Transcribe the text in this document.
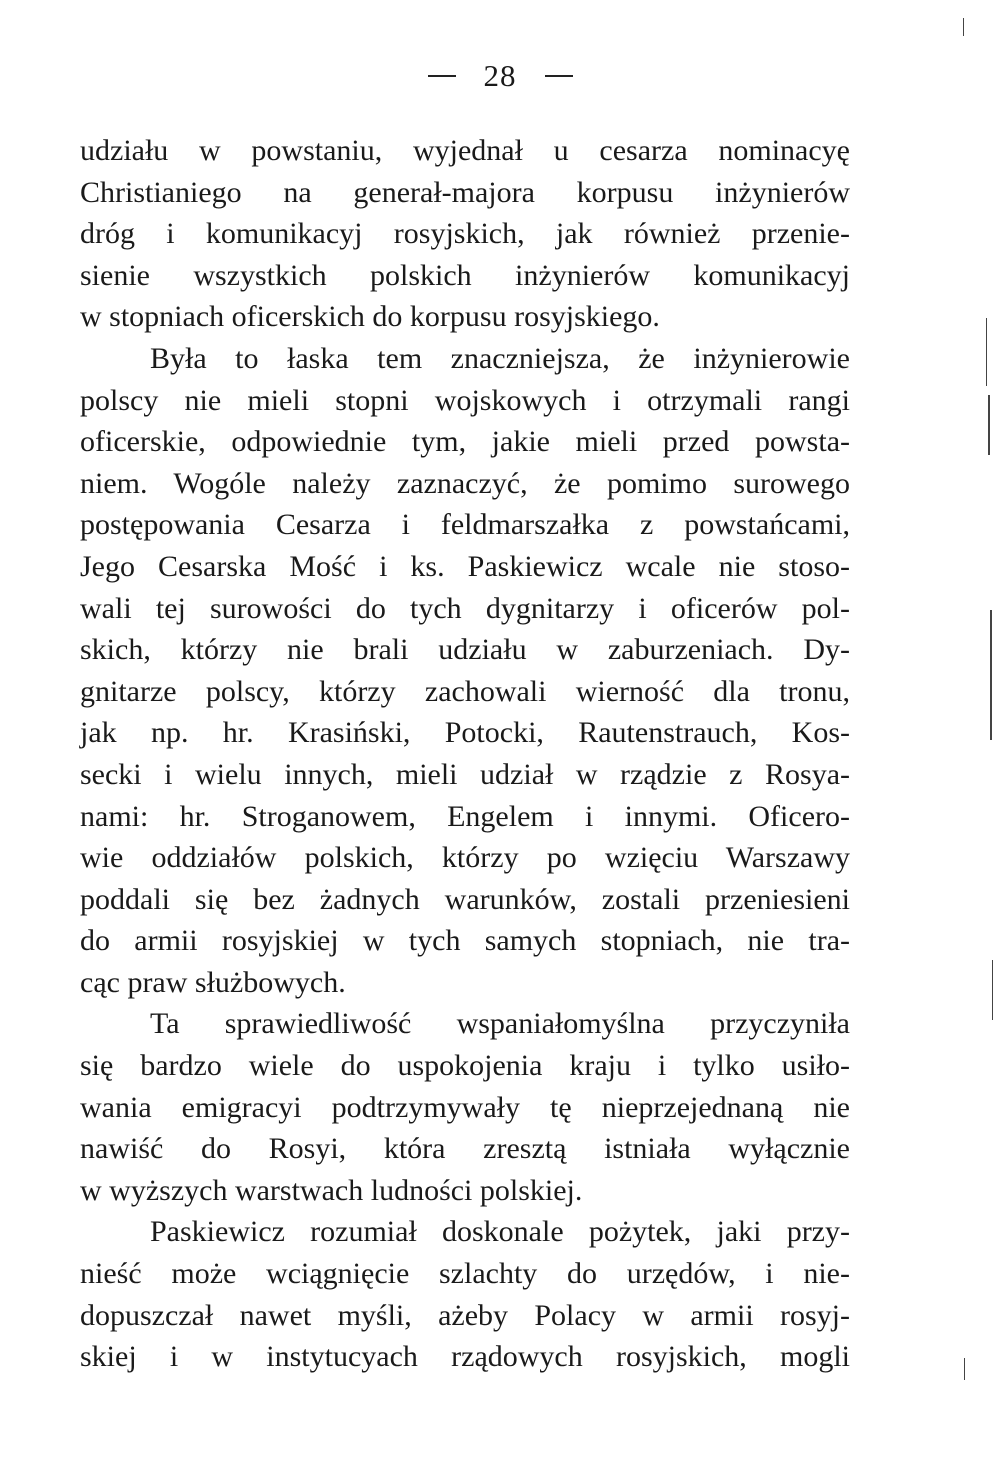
28
udziału w powstaniu, wyjednał u cesarza nominacyę
Christianiego na generał-majora korpusu inżynierów
dróg i komunikacyj rosyjskich, jak również przenie-
sienie wszystkich polskich inżynierów komunikacyj
w stopniach oficerskich do korpusu rosyjskiego.
Była to łaska tem znaczniejsza, że inżynierowie
polscy nie mieli stopni wojskowych i otrzymali rangi
oficerskie, odpowiednie tym, jakie mieli przed powsta-
niem. Wogóle należy zaznaczyć, że pomimo surowego
postępowania Cesarza i feldmarszałka z powstańcami,
Jego Cesarska Mość i ks. Paskiewicz wcale nie stoso-
wali tej surowości do tych dygnitarzy i oficerów pol-
skich, którzy nie brali udziału w zaburzeniach. Dy-
gnitarze polscy, którzy zachowali wierność dla tronu,
jak np. hr. Krasiński, Potocki, Rautenstrauch, Kos-
secki i wielu innych, mieli udział w rządzie z Rosya-
nami: hr. Stroganowem, Engelem i innymi. Oficero-
wie oddziałów polskich, którzy po wzięciu Warszawy
poddali się bez żadnych warunków, zostali przeniesieni
do armii rosyjskiej w tych samych stopniach, nie tra-
cąc praw służbowych.
Ta sprawiedliwość wspaniałomyślna przyczyniła
się bardzo wiele do uspokojenia kraju i tylko usiło-
wania emigracyi podtrzymywały tę nieprzejednaną nie
nawiść do Rosyi, która zresztą istniała wyłącznie
w wyższych warstwach ludności polskiej.
Paskiewicz rozumiał doskonale pożytek, jaki przy-
nieść może wciągnięcie szlachty do urzędów, i nie-
dopuszczał nawet myśli, ażeby Polacy w armii rosyj-
skiej i w instytucyach rządowych rosyjskich, mogli
